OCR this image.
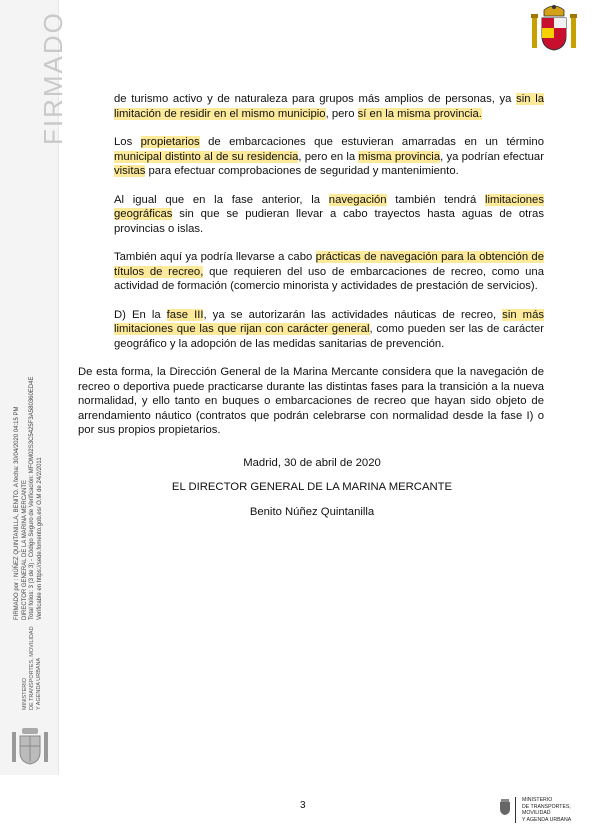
FIRMADO
FIRMADO por : NÚÑEZ QUINTANILLA, BENITO. A fecha: 30/04/2020 04:15 PM DIRECTOR GENERAL DE LA MARINA MERCANTE Total folios: 3 (3 de 3) - Código Seguro de Verificación: MFOM02S3C5425F3A580360ED4E Verificable en https://sede.fomento.gob.es/ O.M de 24/2/2011
MINISTERIO DE TRANSPORTES, MOVILIDAD Y AGENDA URBANA

de turismo activo y de naturaleza para grupos más amplios de personas, ya sin la limitación de residir en el mismo municipio, pero sí en la misma provincia.

Los propietarios de embarcaciones que estuvieran amarradas en un término municipal distinto al de su residencia, pero en la misma provincia, ya podrían efectuar visitas para efectuar comprobaciones de seguridad y mantenimiento.

Al igual que en la fase anterior, la navegación también tendrá limitaciones geográficas sin que se pudieran llevar a cabo trayectos hasta aguas de otras provincias o islas.

También aquí ya podría llevarse a cabo prácticas de navegación para la obtención de títulos de recreo, que requieren del uso de embarcaciones de recreo, como una actividad de formación (comercio minorista y actividades de prestación de servicios).

D) En la fase III, ya se autorizarán las actividades náuticas de recreo, sin más limitaciones que las que rijan con carácter general, como pueden ser las de carácter geográfico y la adopción de las medidas sanitarias de prevención.

De esta forma, la Dirección General de la Marina Mercante considera que la navegación de recreo o deportiva puede practicarse durante las distintas fases para la transición a la nueva normalidad, y ello tanto en buques o embarcaciones de recreo que hayan sido objeto de arrendamiento náutico (contratos que podrán celebrarse con normalidad desde la fase I) o por sus propios propietarios.

Madrid, 30 de abril de 2020

EL DIRECTOR GENERAL DE LA MARINA MERCANTE

Benito Núñez Quintanilla

3	MINISTERIO
DE TRANSPORTES, MOVILIDAD
Y AGENDA URBANA
